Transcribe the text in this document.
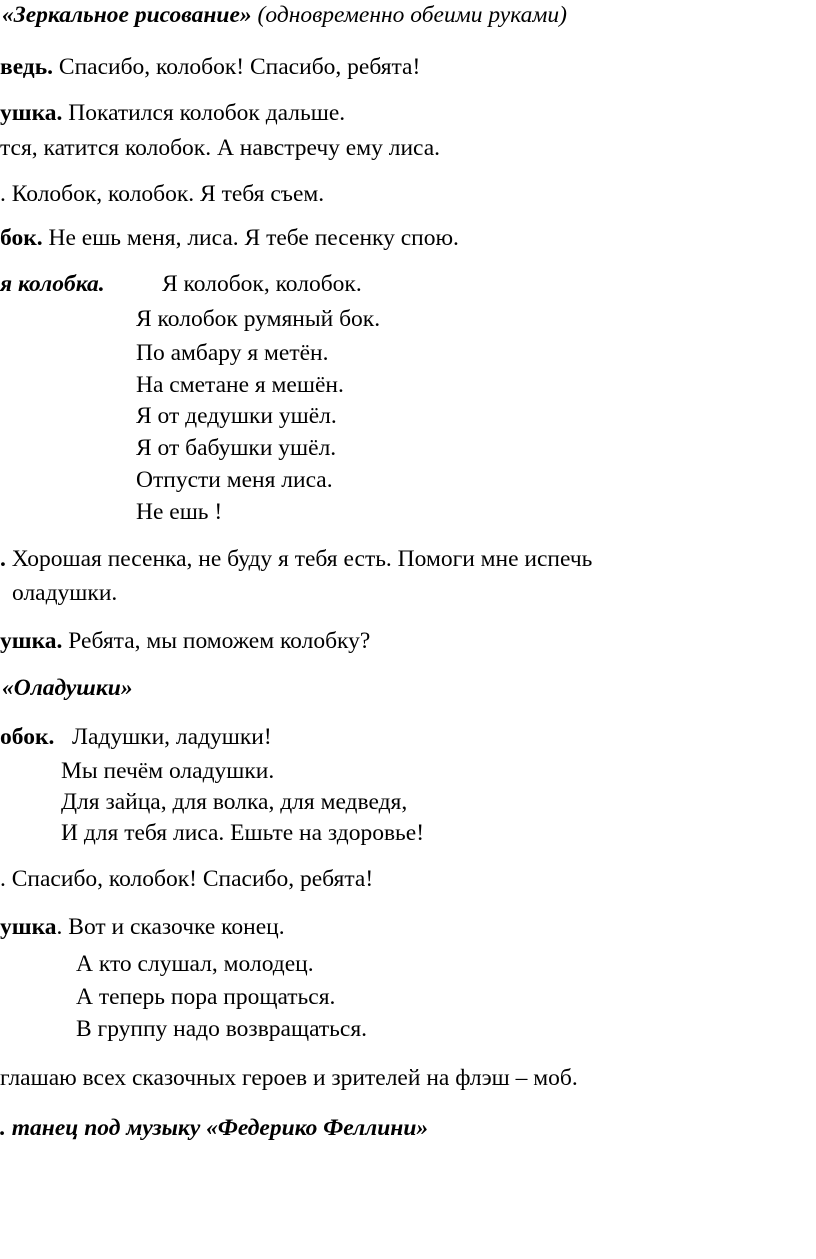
«Зеркальное рисование» (одновременно обеими руками)
ведь. Спасибо, колобок! Спасибо, ребята!
ушка. Покатился колобок дальше.
тся, катится колобок. А навстречу ему лиса.
. Колобок, колобок. Я тебя съем.
бок. Не ешь меня, лиса. Я тебе песенку спою.
я колобка. Я колобок, колобок.
Я колобок румяный бок.
По амбару я метён.
На сметане я мешён.
Я от дедушки ушёл.
Я от бабушки ушёл.
Отпусти меня лиса.
Не ешь !
. Хорошая песенка, не буду я тебя есть. Помоги мне испечь
оладушки.
ушка. Ребята, мы поможем колобку?
«Оладушки»
обок. Ладушки, ладушки!
Мы печём оладушки.
Для зайца, для волка, для медведя,
И для тебя лиса. Ешьте на здоровье!
. Спасибо, колобок! Спасибо, ребята!
ушка. Вот и сказочке конец.
А кто слушал, молодец.
А теперь пора прощаться.
В группу надо возвращаться.
глашаю всех сказочных героев и зрителей на флэш – моб.
. танец под музыку «Федерико Феллини»
